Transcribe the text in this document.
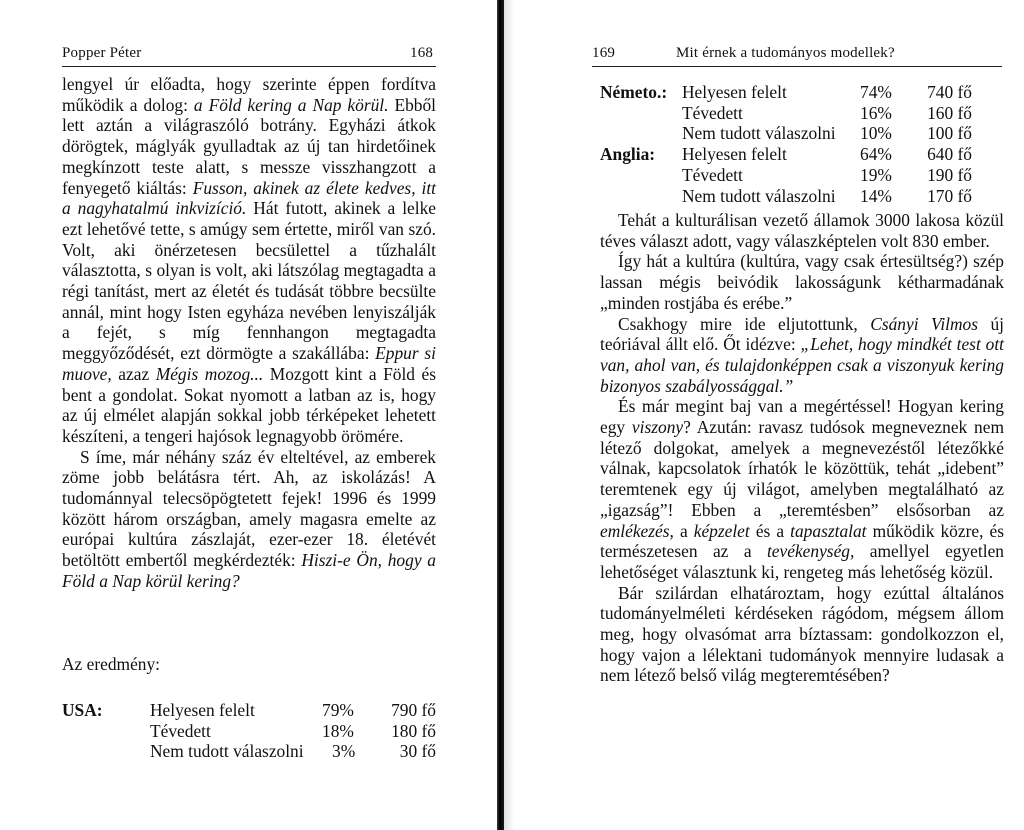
Popper Péter	168

lengyel úr előadta, hogy szerinte éppen fordítva működik a dolog: a Föld kering a Nap körül. Ebből lett aztán a világraszóló botrány. Egyházi átkok dörögtek, máglyák gyulladtak az új tan hirdetőinek megkínzott teste alatt, s messze visszhangzott a fenyegető kiáltás: Fusson, akinek az élete kedves, itt a nagyhatalmú inkvizíció. Hát futott, akinek a lelke ezt lehetővé tette, s amúgy sem értette, miről van szó. Volt, aki önérzetesen becsülettel a tűzhalált választotta, s olyan is volt, aki látszólag megtagadta a régi tanítást, mert az életét és tudását többre becsülte annál, mint hogy Isten egyháza nevében lenyiszálják a fejét, s míg fennhangon megtagadta meggyőződését, ezt dörmögte a szakállába: Eppur si muove, azaz Mégis mozog... Mozgott kint a Föld és bent a gondolat. Sokat nyomott a latban az is, hogy az új elmélet alapján sokkal jobb térképeket lehetett készíteni, a tengeri hajósok legnagyobb örömére.

S íme, már néhány száz év elteltével, az emberek zöme jobb belátásra tért. Ah, az iskolázás! A tudománnyal telecsöpögtetett fejek! 1996 és 1999 között három országban, amely magasra emelte az európai kultúra zászlaját, ezer-ezer 18. életévét betöltött embertől megkérdezték: Hiszi-e Ön, hogy a Föld a Nap körül kering?

Az eredmény:
USA:	Helyesen felelt	79%	790 fő
	Tévedett	18%	180 fő
	Nem tudott válaszolni	3%	30 fő
169	Mit érnek a tudományos modellek?
Németo.:	Helyesen felelt	74%	740 fő
	Tévedett	16%	160 fő
	Nem tudott válaszolni	10%	100 fő
Anglia:	Helyesen felelt	64%	640 fő
	Tévedett	19%	190 fő
	Nem tudott válaszolni	14%	170 fő

Tehát a kulturálisan vezető államok 3000 lakosa közül téves választ adott, vagy válaszképtelen volt 830 ember.

Így hát a kultúra (kultúra, vagy csak értesültség?) szép lassan mégis beivódik lakosságunk kétharmadának „minden rostjába és erébe.”

Csakhogy mire ide eljutottunk, Csányi Vilmos új teóriával állt elő. Őt idézve: „Lehet, hogy mindkét test ott van, ahol van, és tulajdonképpen csak a viszonyuk kering bizonyos szabályossággal.”

És már megint baj van a megértéssel! Hogyan kering egy viszony? Azután: ravasz tudósok megneveznek nem létező dolgokat, amelyek a megnevezéstől létezőkké válnak, kapcsolatok írhatók le közöttük, tehát „idebent” teremtenek egy új világot, amelyben megtalálható az „igazság”! Ebben a „teremtésben” elsősorban az emlékezés, a képzelet és a tapasztalat működik közre, és természetesen az a tevékenység, amellyel egyetlen lehetőséget választunk ki, rengeteg más lehetőség közül.

Bár szilárdan elhatároztam, hogy ezúttal általános tudományelméleti kérdéseken rágódom, mégsem állom meg, hogy olvasómat arra bíztassam: gondolkozzon el, hogy vajon a lélektani tudományok mennyire ludasak a nem létező belső világ megteremtésében?
